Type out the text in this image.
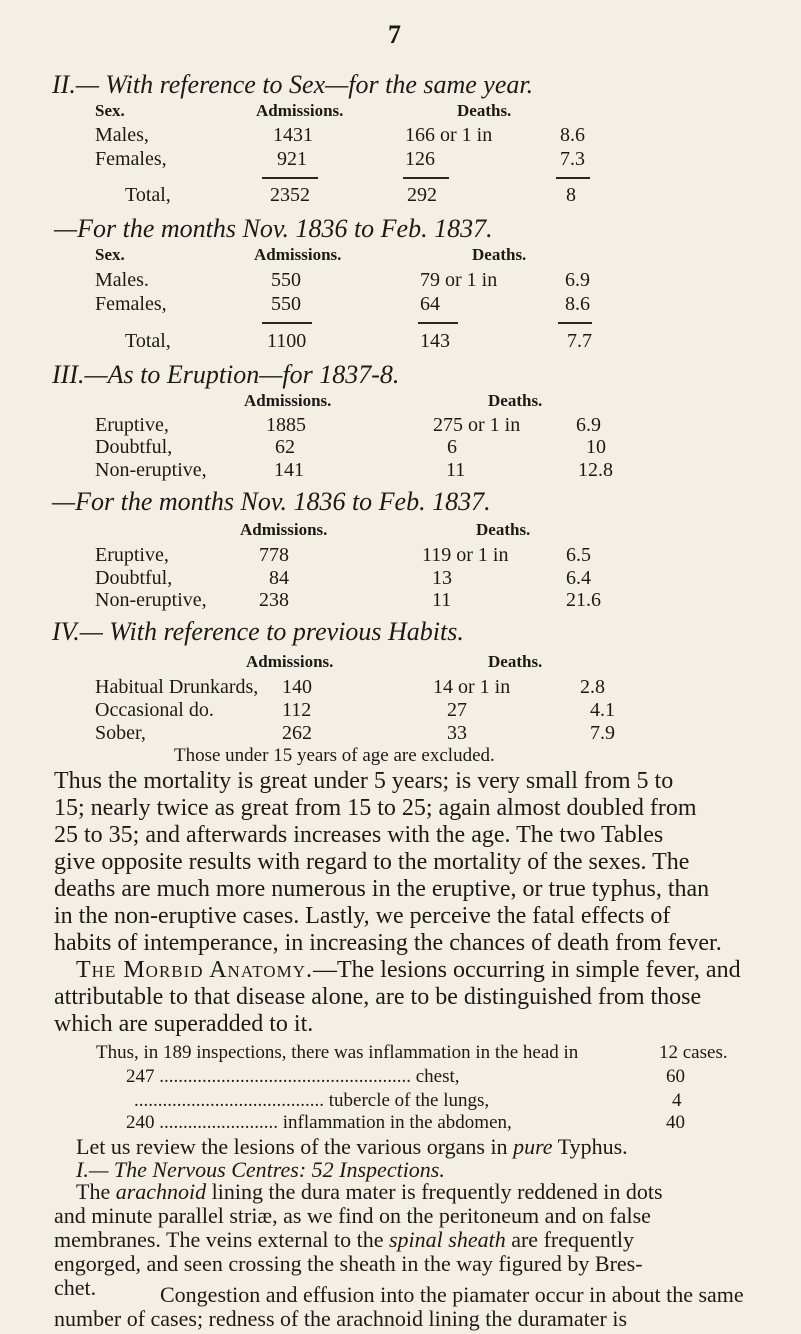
7
II.— With reference to Sex—for the same year.
Sex.	Admissions.	Deaths.
Males,	1431	166 or 1 in	8.6
Females,	921	126	7.3
Total,	2352	292	8
—For the months Nov. 1836 to Feb. 1837.
Sex.	Admissions.	Deaths.
Males.	550	79 or 1 in	6.9
Females,	550	64	8.6
Total,	1100	143	7.7
III.—As to Eruption—for 1837-8.
Admissions.	Deaths.
Eruptive,	1885	275 or 1 in	6.9
Doubtful,	62	6	10
Non-eruptive,	141	11	12.8
—For the months Nov. 1836 to Feb. 1837.
Admissions.	Deaths.
Eruptive,	778	119 or 1 in	6.5
Doubtful,	84	13	6.4
Non-eruptive,	238	11	21.6
IV.— With reference to previous Habits.
Admissions.	Deaths.
Habitual Drunkards, 140	14 or 1 in	2.8
Occasional do.	112	27	4.1
Sober,	262	33	7.9
Those under 15 years of age are excluded.
Thus the mortality is great under 5 years; is very small from 5 to
15; nearly twice as great from 15 to 25; again almost doubled from
25 to 35; and afterwards increases with the age. The two Tables
give opposite results with regard to the mortality of the sexes. The
deaths are much more numerous in the eruptive, or true typhus, than
in the non-eruptive cases. Lastly, we perceive the fatal effects of
habits of intemperance, in increasing the chances of death from fever.
The Morbid Anatomy.—The lesions occurring in simple fever, and
attributable to that disease alone, are to be distinguished from those
which are superadded to it.
Thus, in 189 inspections, there was inflammation in the head in	12 cases.
247 ..................................................... chest,	60
........................................ tubercle of the lungs,	4
240 ......................... inflammation in the abdomen,	40
Let us review the lesions of the various organs in pure Typhus.
I.— The Nervous Centres: 52 Inspections.
The arachnoid lining the dura mater is frequently reddened in dots
and minute parallel striæ, as we find on the peritoneum and on false
membranes. The veins external to the spinal sheath are frequently
engorged, and seen crossing the sheath in the way figured by Bres-
chet.	Congestion and effusion into the piamater occur in about the same
number of cases; redness of the arachnoid lining the duramater is
